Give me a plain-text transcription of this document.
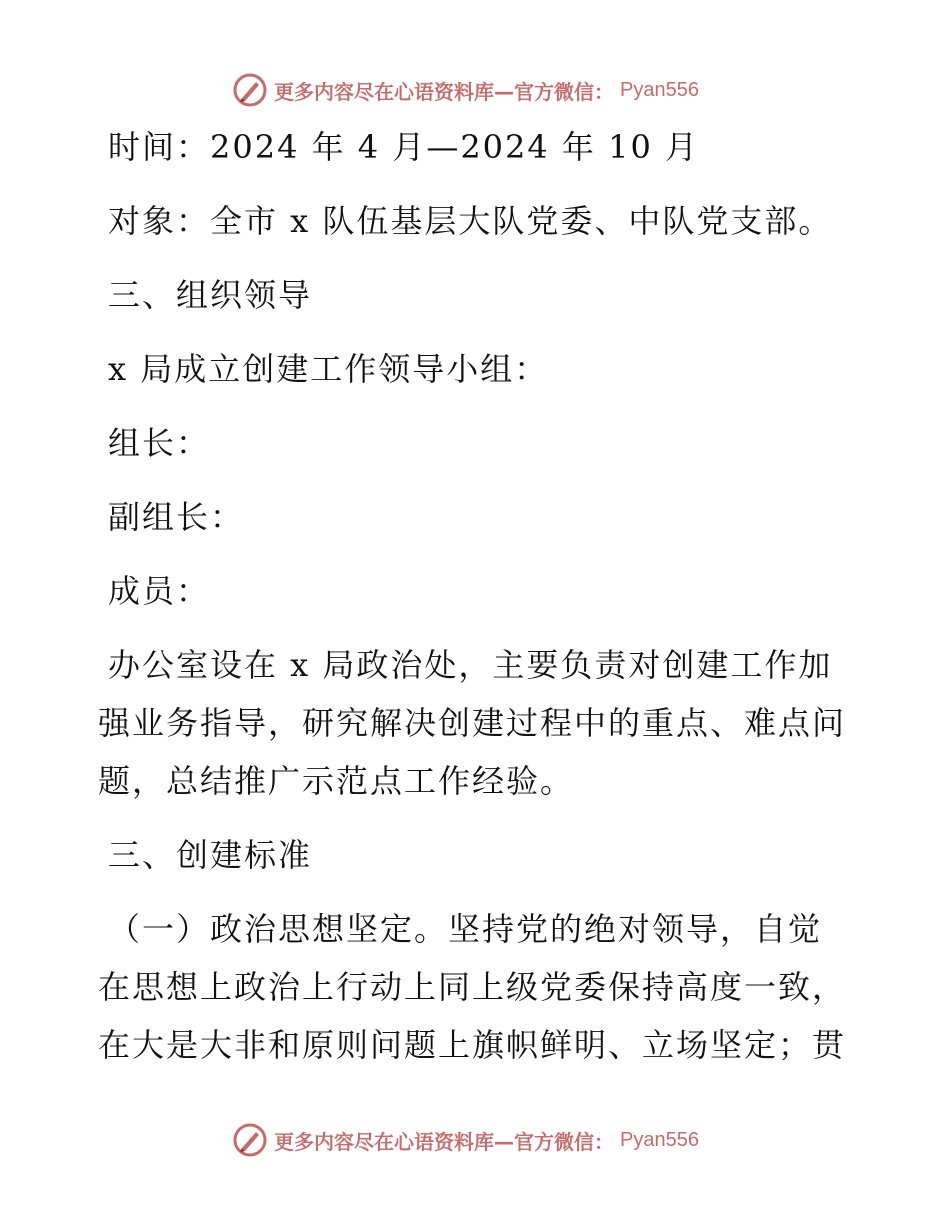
更多内容尽在心语资料库—官方微信： Pyan556
时间：2024 年 4 月—2024 年 10 月
对象：全市 x 队伍基层大队党委、中队党支部。
三、组织领导
x 局成立创建工作领导小组：
组长：
副组长：
成员：
办公室设在 x 局政治处，主要负责对创建工作加
强业务指导，研究解决创建过程中的重点、难点问
题，总结推广示范点工作经验。
三、创建标准
（一）政治思想坚定。坚持党的绝对领导，自觉
在思想上政治上行动上同上级党委保持高度一致，
在大是大非和原则问题上旗帜鲜明、立场坚定；贯
更多内容尽在心语资料库—官方微信： Pyan556
